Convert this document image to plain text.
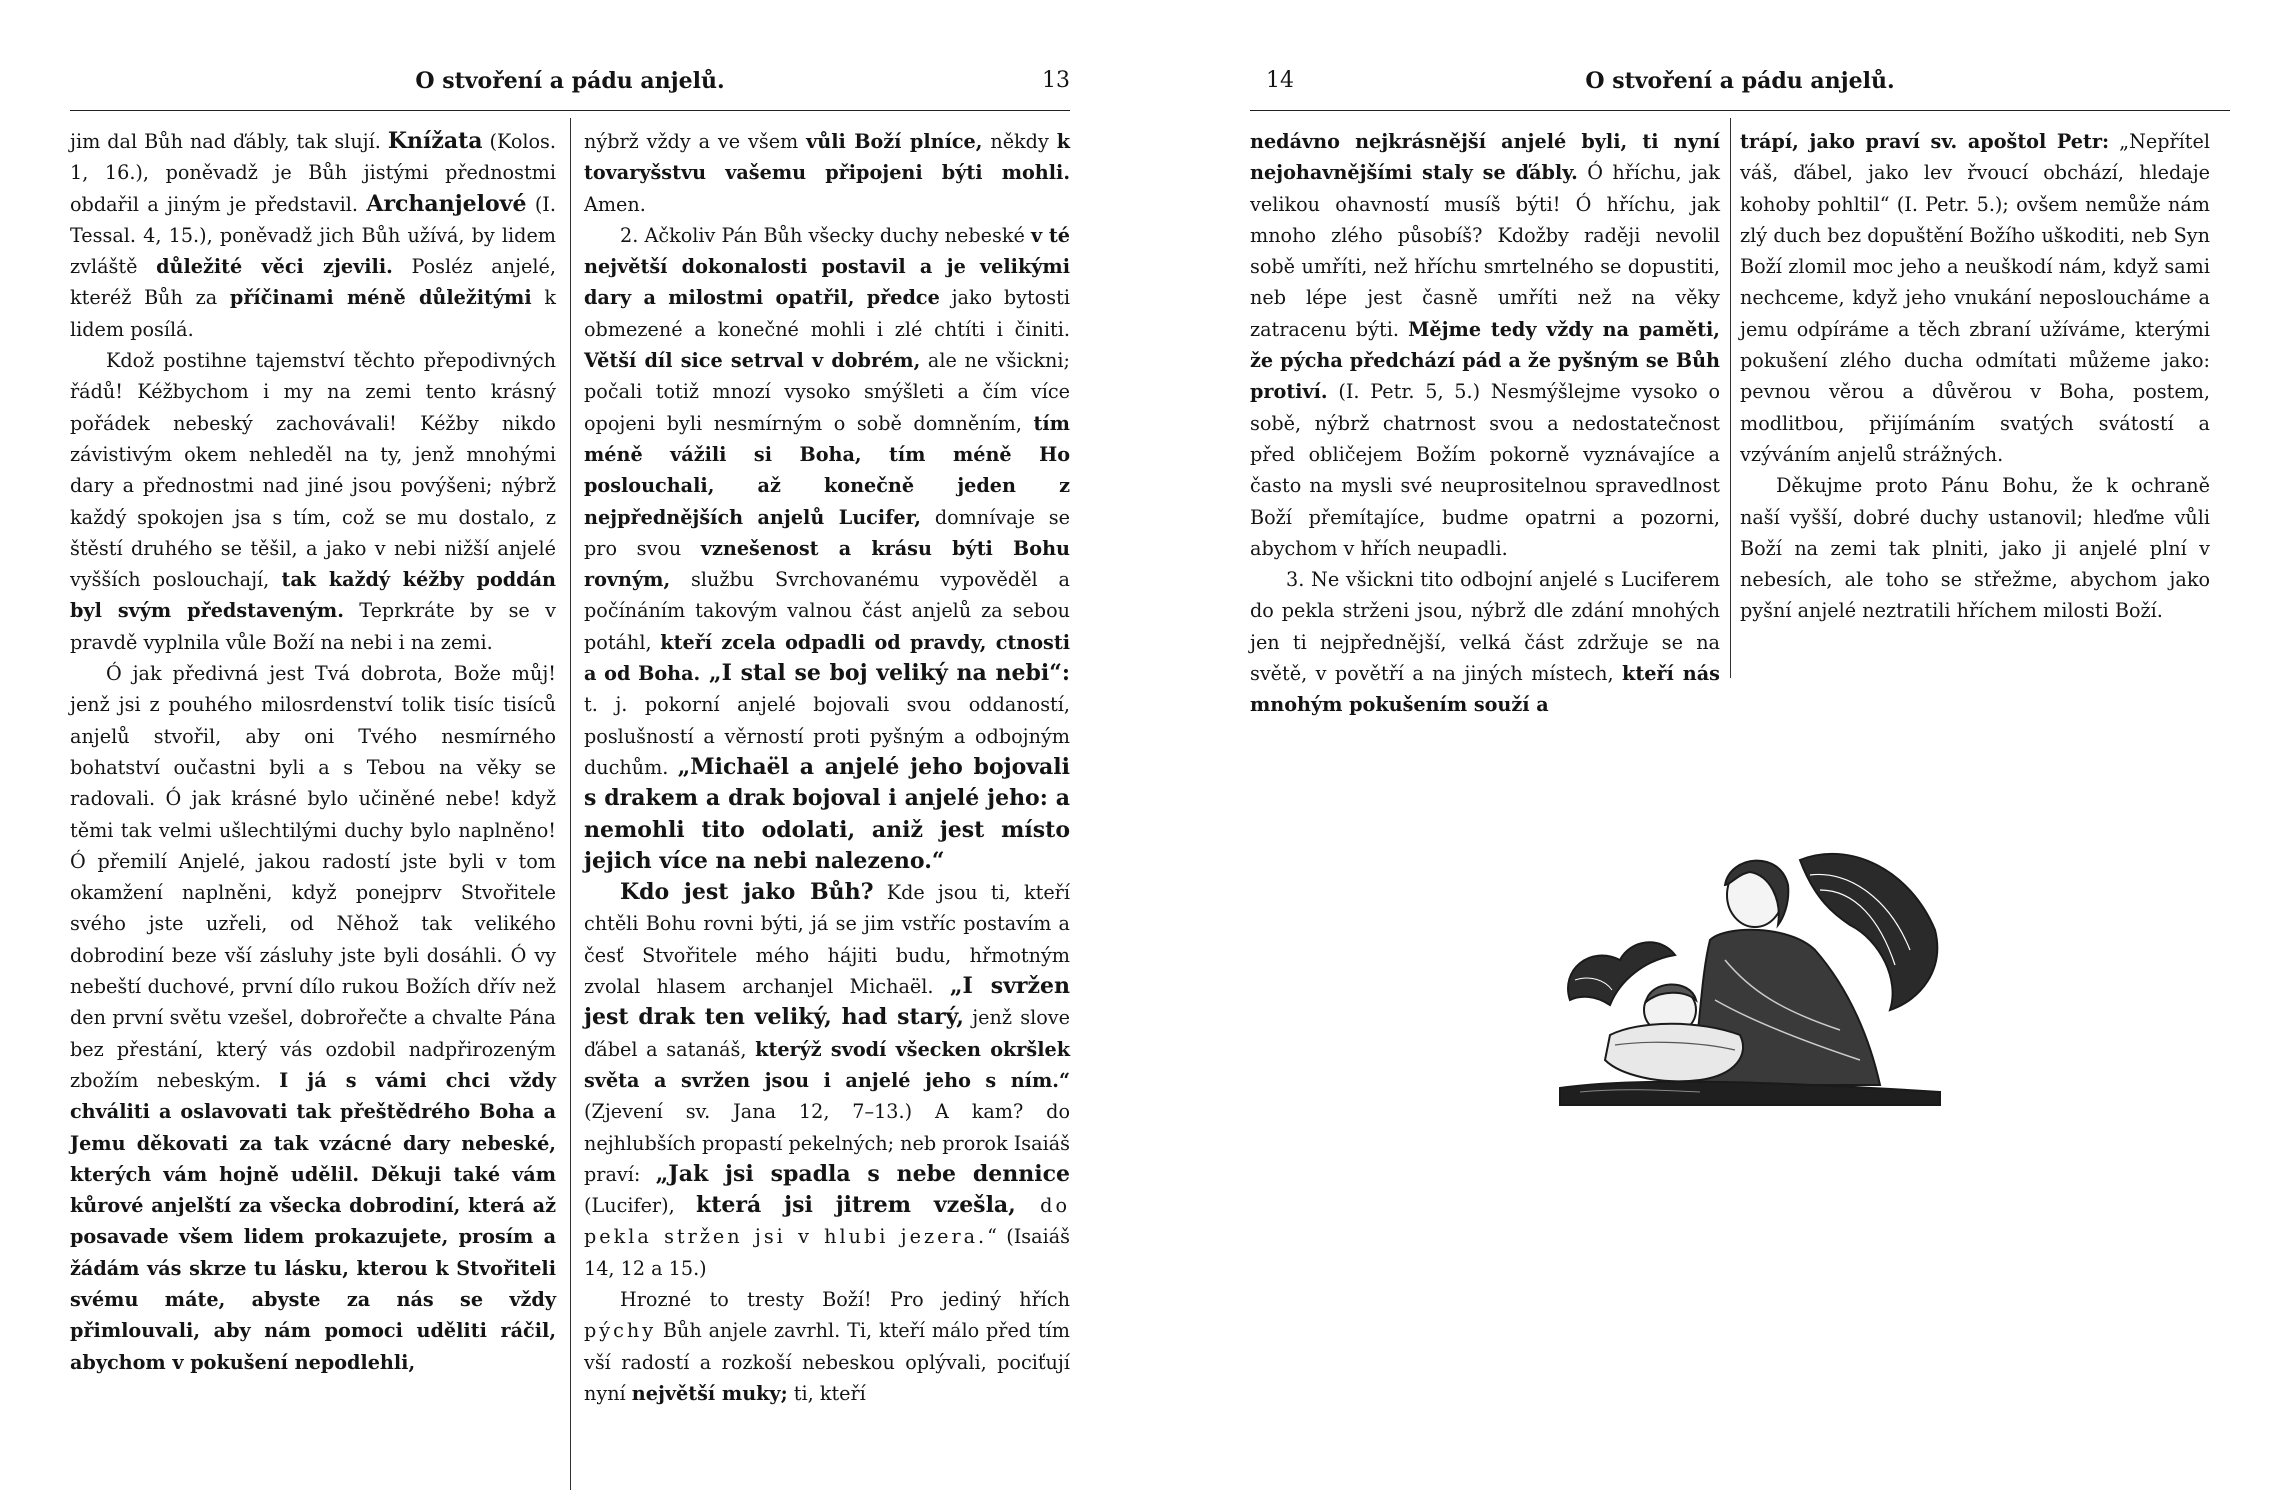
O stvoření a pádu anjelů.	13

jim dal Bůh nad ďábly, tak slují. Knížata (Kolos. 1, 16.), poněvadž je Bůh jistými přednostmi obdařil a jiným je představil. Archanjelové (I. Tessal. 4, 15.), poněvadž jich Bůh užívá, by lidem zvláště důležité věci zjevili. Posléz anjelé, kteréž Bůh za příčinami méně důležitými k lidem posílá.

Kdož postihne tajemství těchto přepodivných řádů! Kéžbychom i my na zemi tento krásný pořádek nebeský zachovávali! Kéžby nikdo závistivým okem nehleděl na ty, jenž mnohými dary a přednostmi nad jiné jsou povýšeni; nýbrž každý spokojen jsa s tím, což se mu dostalo, z štěstí druhého se těšil, a jako v nebi nižší anjelé vyšších poslouchají, tak každý kéžby poddán byl svým představeným. Teprkráte by se v pravdě vyplnila vůle Boží na nebi i na zemi.

Ó jak předivná jest Tvá dobrota, Bože můj! jenž jsi z pouhého milosrdenství tolik tisíc tisíců anjelů stvořil, aby oni Tvého nesmírného bohatství oučastni byli a s Tebou na věky se radovali. Ó jak krásné bylo učiněné nebe! když těmi tak velmi ušlechtilými duchy bylo naplněno! Ó přemilí Anjelé, jakou radostí jste byli v tom okamžení naplněni, když ponejprv Stvořitele svého jste uzřeli, od Něhož tak velikého dobrodiní beze vší zásluhy jste byli dosáhli. Ó vy nebeští duchové, první dílo rukou Božích dřív než den první světu vzešel, dobrořečte a chvalte Pána bez přestání, který vás ozdobil nadpřirozeným zbožím nebeským. I já s vámi chci vždy chváliti a oslavovati tak přeštědrého Boha a Jemu děkovati za tak vzácné dary nebeské, kterých vám hojně udělil. Děkuji také vám kůrové anjelští za všecka dobrodiní, která až posavade všem lidem prokazujete, prosím a žádám vás skrze tu lásku, kterou k Stvořiteli svému máte, abyste za nás se vždy přimlouvali, aby nám pomoci uděliti ráčil, abychom v pokušení nepodlehli,

nýbrž vždy a ve všem vůli Boží plníce, někdy k tovaryšstvu vašemu připojeni býti mohli. Amen.

2. Ačkoliv Pán Bůh všecky duchy nebeské v té největší dokonalosti postavil a je velikými dary a milostmi opatřil, předce jako bytosti obmezené a konečné mohli i zlé chtíti i činiti. Větší díl sice setrval v dobrém, ale ne všickni; počali totiž mnozí vysoko smýšleti a čím více opojeni byli nesmírným o sobě domněním, tím méně vážili si Boha, tím méně Ho poslouchali, až konečně jeden z nejpřednějších anjelů Lucifer, domnívaje se pro svou vznešenost a krásu býti Bohu rovným, službu Svrchovanému vypověděl a počínáním takovým valnou část anjelů za sebou potáhl, kteří zcela odpadli od pravdy, ctnosti a od Boha. „I stal se boj veliký na nebi“: t. j. pokorní anjelé bojovali svou oddaností, poslušností a věrností proti pyšným a odbojným duchům. „Michaël a anjelé jeho bojovali s drakem a drak bojoval i anjelé jeho: a nemohli tito odolati, aniž jest místo jejich více na nebi nalezeno.“

Kdo jest jako Bůh? Kde jsou ti, kteří chtěli Bohu rovni býti, já se jim vstříc postavím a česť Stvořitele mého hájiti budu, hřmotným zvolal hlasem archanjel Michaël. „I svržen jest drak ten veliký, had starý, jenž slove ďábel a satanáš, kterýž svodí všecken okršlek světa a svržen jsou i anjelé jeho s ním.“ (Zjevení sv. Jana 12, 7–13.) A kam? do nejhlubších propastí pekelných; neb prorok Isaiáš praví: „Jak jsi spadla s nebe dennice (Lucifer), která jsi jitrem vzešla, do pekla stržen jsi v hlubi jezera.“ (Isaiáš 14, 12 a 15.)

Hrozné to tresty Boží! Pro jediný hřích pýchy Bůh anjele zavrhl. Ti, kteří málo před tím vší radostí a rozkoší nebeskou oplývali, pociťují nyní největší muky; ti, kteří

14	O stvoření a pádu anjelů.

nedávno nejkrásnější anjelé byli, ti nyní nejohavnějšími staly se ďábly. Ó hříchu, jak velikou ohavností musíš býti! Ó hříchu, jak mnoho zlého působíš? Kdožby raději nevolil sobě umříti, než hříchu smrtelného se dopustiti, neb lépe jest časně umříti než na věky zatracenu býti. Mějme tedy vždy na paměti, že pýcha předchází pád a že pyšným se Bůh protiví. (I. Petr. 5, 5.) Nesmýšlejme vysoko o sobě, nýbrž chatrnost svou a nedostatečnost před obličejem Božím pokorně vyznávajíce a často na mysli své neuprositelnou spravedlnost Boží přemítajíce, budme opatrni a pozorni, abychom v hřích neupadli.

3. Ne všickni tito odbojní anjelé s Luciferem do pekla strženi jsou, nýbrž dle zdání mnohých jen ti nejpřednější, velká část zdržuje se na světě, v povětří a na jiných místech, kteří nás mnohým pokušením souží a

trápí, jako praví sv. apoštol Petr: „Nepřítel váš, ďábel, jako lev řvoucí obchází, hledaje kohoby pohltil“ (I. Petr. 5.); ovšem nemůže nám zlý duch bez dopuštění Božího uškoditi, neb Syn Boží zlomil moc jeho a neuškodí nám, když sami nechceme, když jeho vnukání neposloucháme a jemu odpíráme a těch zbraní užíváme, kterými pokušení zlého ducha odmítati můžeme jako: pevnou věrou a důvěrou v Boha, postem, modlitbou, přijímáním svatých svátostí a vzýváním anjelů strážných.

Děkujme proto Pánu Bohu, že k ochraně naší vyšší, dobré duchy ustanovil; hleďme vůli Boží na zemi tak plniti, jako ji anjelé plní v nebesích, ale toho se střežme, abychom jako pyšní anjelé neztratili hříchem milosti Boží.
